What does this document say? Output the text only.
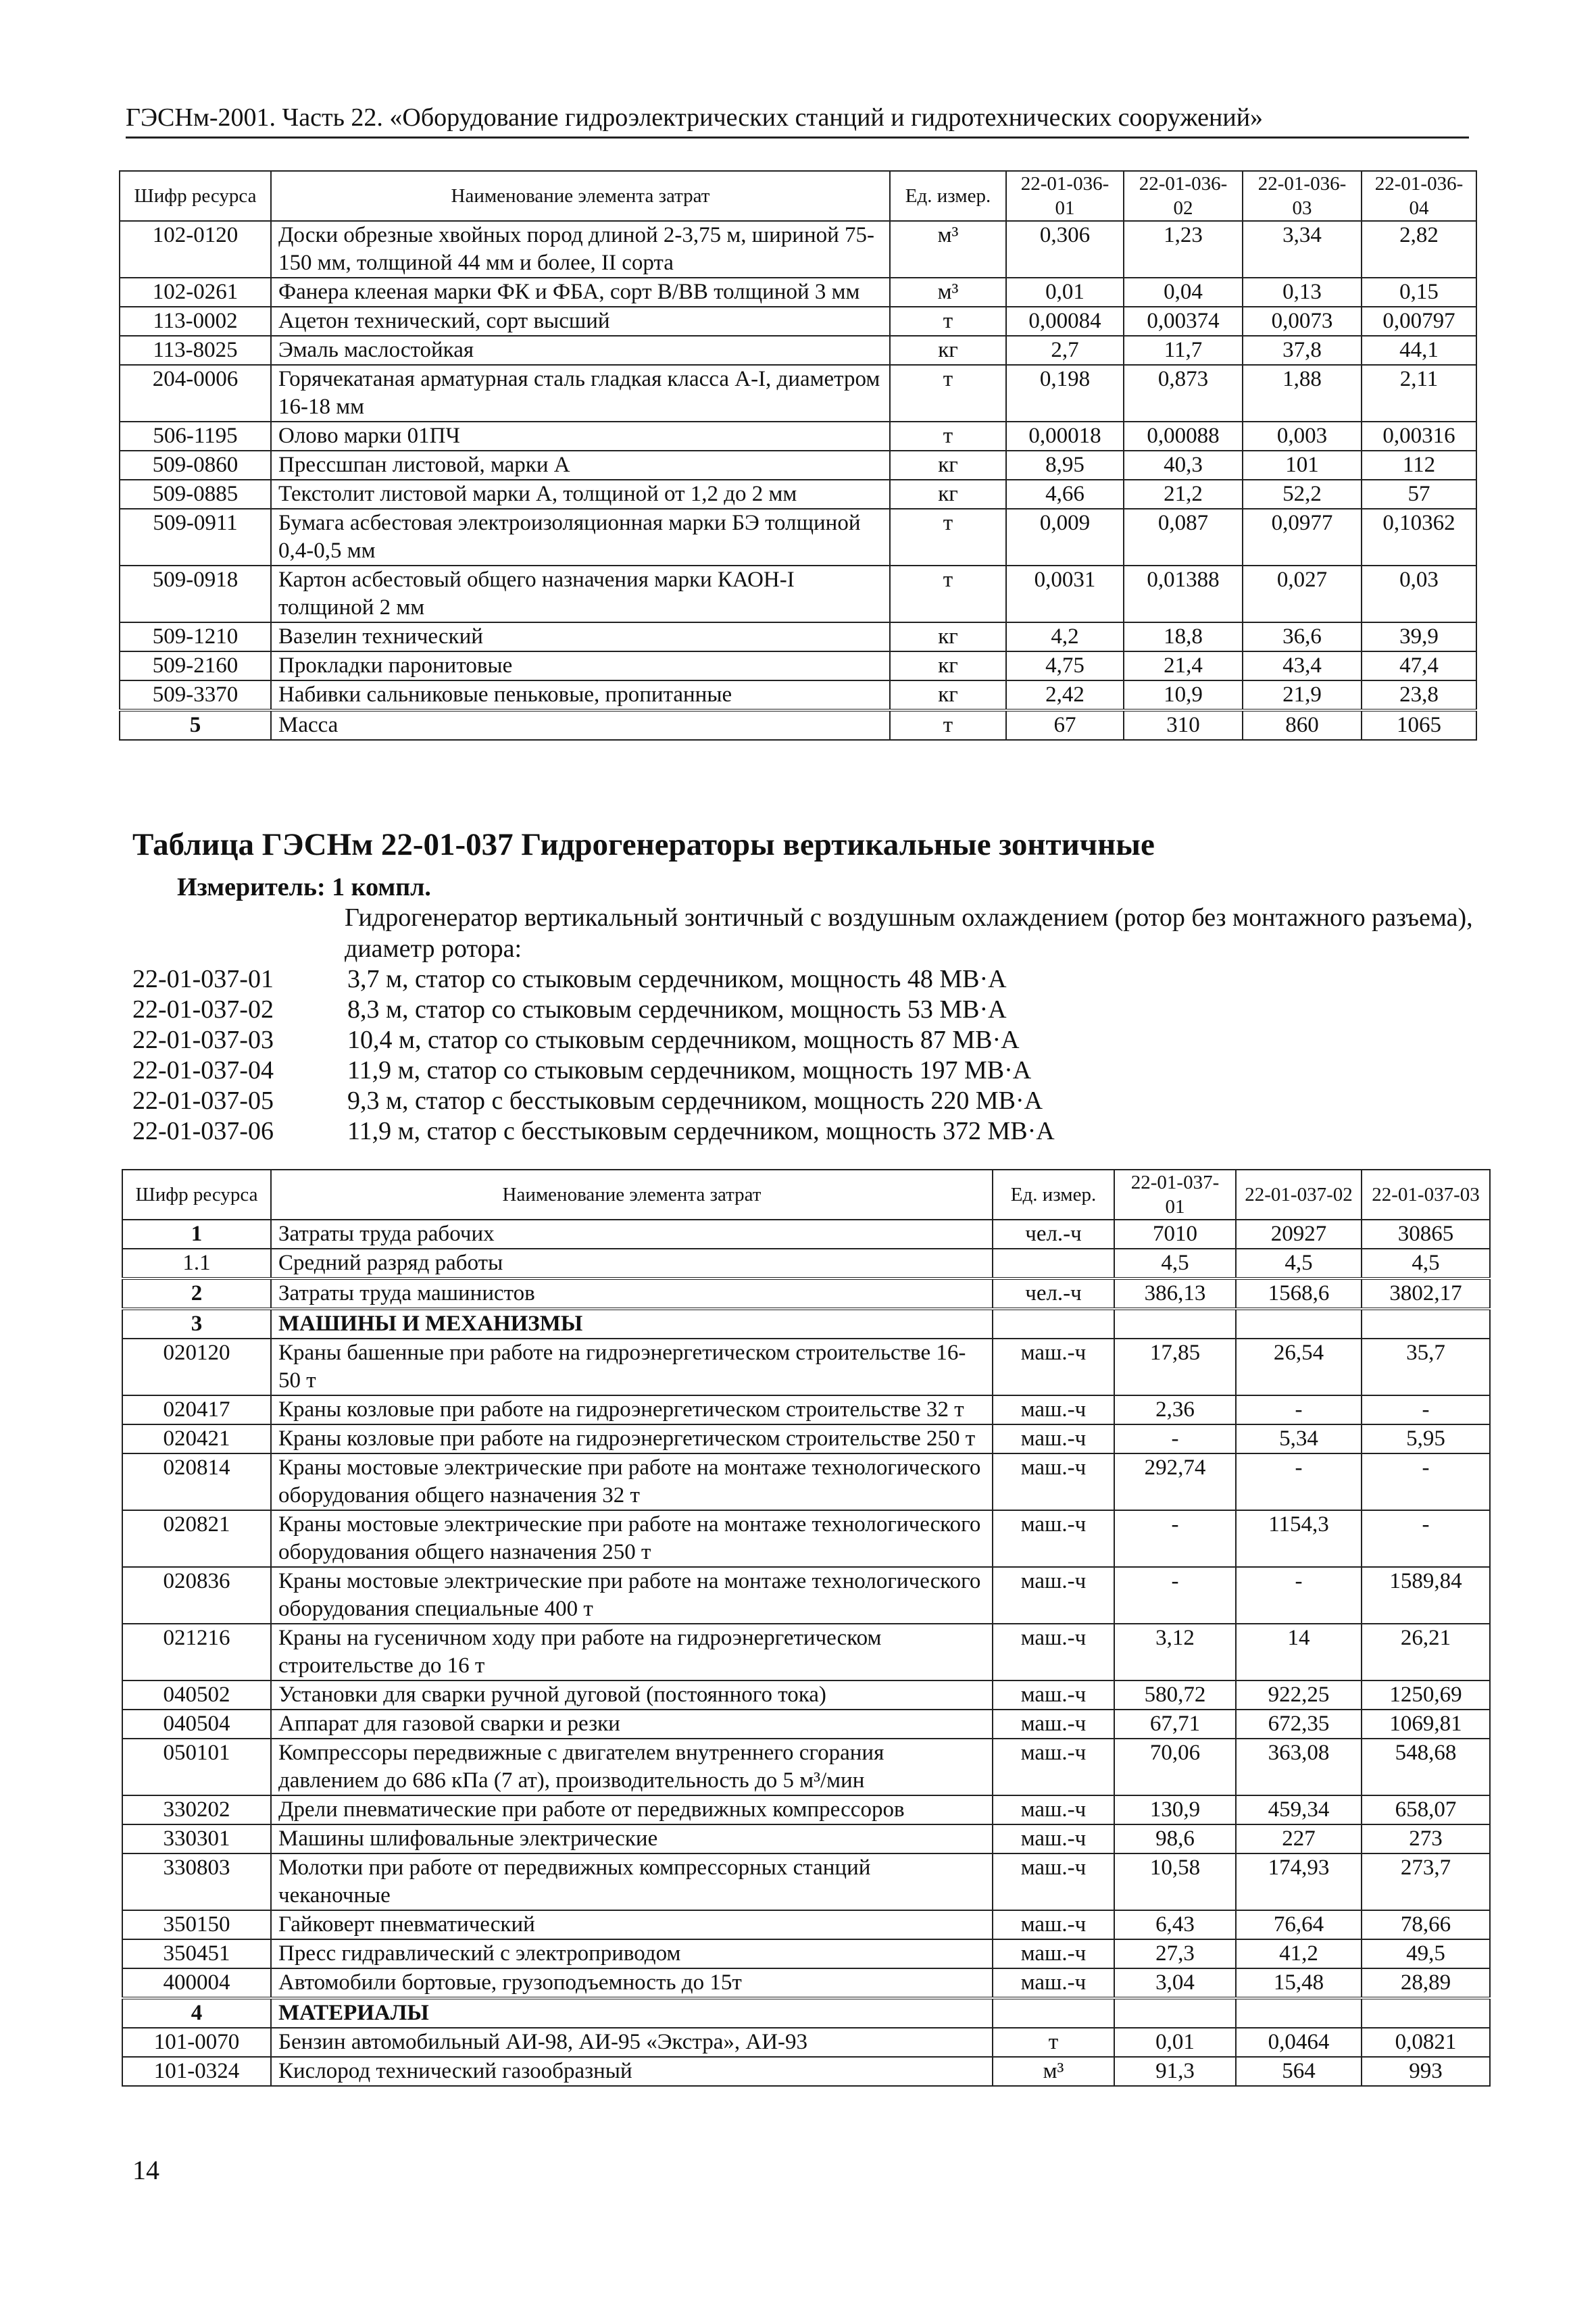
ГЭСНм-2001. Часть 22. «Оборудование гидроэлектрических станций и гидротехнических сооружений»
Шифр ресурса	Наименование элемента затрат	Ед. измер.	22-01-036-01	22-01-036-02	22-01-036-03	22-01-036-04
102-0120	Доски обрезные хвойных пород длиной 2-3,75 м, шириной 75-150 мм, толщиной 44 мм и более, II сорта	м³	0,306	1,23	3,34	2,82
102-0261	Фанера клееная марки ФК и ФБА, сорт В/ВВ толщиной 3 мм	м³	0,01	0,04	0,13	0,15
113-0002	Ацетон технический, сорт высший	т	0,00084	0,00374	0,0073	0,00797
113-8025	Эмаль маслостойкая	кг	2,7	11,7	37,8	44,1
204-0006	Горячекатаная арматурная сталь гладкая класса А-I, диаметром 16-18 мм	т	0,198	0,873	1,88	2,11
506-1195	Олово марки 01ПЧ	т	0,00018	0,00088	0,003	0,00316
509-0860	Прессшпан листовой, марки А	кг	8,95	40,3	101	112
509-0885	Текстолит листовой марки А, толщиной от 1,2 до 2 мм	кг	4,66	21,2	52,2	57
509-0911	Бумага асбестовая электроизоляционная марки БЭ толщиной 0,4-0,5 мм	т	0,009	0,087	0,0977	0,10362
509-0918	Картон асбестовый общего назначения марки КАОН-I толщиной 2 мм	т	0,0031	0,01388	0,027	0,03
509-1210	Вазелин технический	кг	4,2	18,8	36,6	39,9
509-2160	Прокладки паронитовые	кг	4,75	21,4	43,4	47,4
509-3370	Набивки сальниковые пеньковые, пропитанные	кг	2,42	10,9	21,9	23,8
5	Масса	т	67	310	860	1065
Таблица ГЭСНм 22-01-037 Гидрогенераторы вертикальные зонтичные
Измеритель: 1 компл.
Гидрогенератор вертикальный зонтичный с воздушным охлаждением (ротор без монтажного разъема), диаметр ротора:
22-01-037-01	3,7 м, статор со стыковым сердечником, мощность 48 МВ·А
22-01-037-02	8,3 м, статор со стыковым сердечником, мощность 53 МВ·А
22-01-037-03	10,4 м, статор со стыковым сердечником, мощность 87 МВ·А
22-01-037-04	11,9 м, статор со стыковым сердечником, мощность 197 МВ·А
22-01-037-05	9,3 м, статор с бесстыковым сердечником, мощность 220 МВ·А
22-01-037-06	11,9 м, статор с бесстыковым сердечником, мощность 372 МВ·А
Шифр ресурса	Наименование элемента затрат	Ед. измер.	22-01-037-01	22-01-037-02	22-01-037-03
1	Затраты труда рабочих	чел.-ч	7010	20927	30865
1.1	Средний разряд работы		4,5	4,5	4,5
2	Затраты труда машинистов	чел.-ч	386,13	1568,6	3802,17
3	МАШИНЫ И МЕХАНИЗМЫ				
020120	Краны башенные при работе на гидроэнергетическом строительстве 16-50 т	маш.-ч	17,85	26,54	35,7
020417	Краны козловые при работе на гидроэнергетическом строительстве 32 т	маш.-ч	2,36	-	-
020421	Краны козловые при работе на гидроэнергетическом строительстве 250 т	маш.-ч	-	5,34	5,95
020814	Краны мостовые электрические при работе на монтаже технологического оборудования общего назначения 32 т	маш.-ч	292,74	-	-
020821	Краны мостовые электрические при работе на монтаже технологического оборудования общего назначения 250 т	маш.-ч	-	1154,3	-
020836	Краны мостовые электрические при работе на монтаже технологического оборудования специальные 400 т	маш.-ч	-	-	1589,84
021216	Краны на гусеничном ходу при работе на гидроэнергетическом строительстве до 16 т	маш.-ч	3,12	14	26,21
040502	Установки для сварки ручной дуговой (постоянного тока)	маш.-ч	580,72	922,25	1250,69
040504	Аппарат для газовой сварки и резки	маш.-ч	67,71	672,35	1069,81
050101	Компрессоры передвижные с двигателем внутреннего сгорания давлением до 686 кПа (7 ат), производительность до 5 м³/мин	маш.-ч	70,06	363,08	548,68
330202	Дрели пневматические при работе от передвижных компрессоров	маш.-ч	130,9	459,34	658,07
330301	Машины шлифовальные электрические	маш.-ч	98,6	227	273
330803	Молотки при работе от передвижных компрессорных станций чеканочные	маш.-ч	10,58	174,93	273,7
350150	Гайковерт пневматический	маш.-ч	6,43	76,64	78,66
350451	Пресс гидравлический с электроприводом	маш.-ч	27,3	41,2	49,5
400004	Автомобили бортовые, грузоподъемность до 15т	маш.-ч	3,04	15,48	28,89
4	МАТЕРИАЛЫ				
101-0070	Бензин автомобильный АИ-98, АИ-95 «Экстра», АИ-93	т	0,01	0,0464	0,0821
101-0324	Кислород технический газообразный	м³	91,3	564	993
14
